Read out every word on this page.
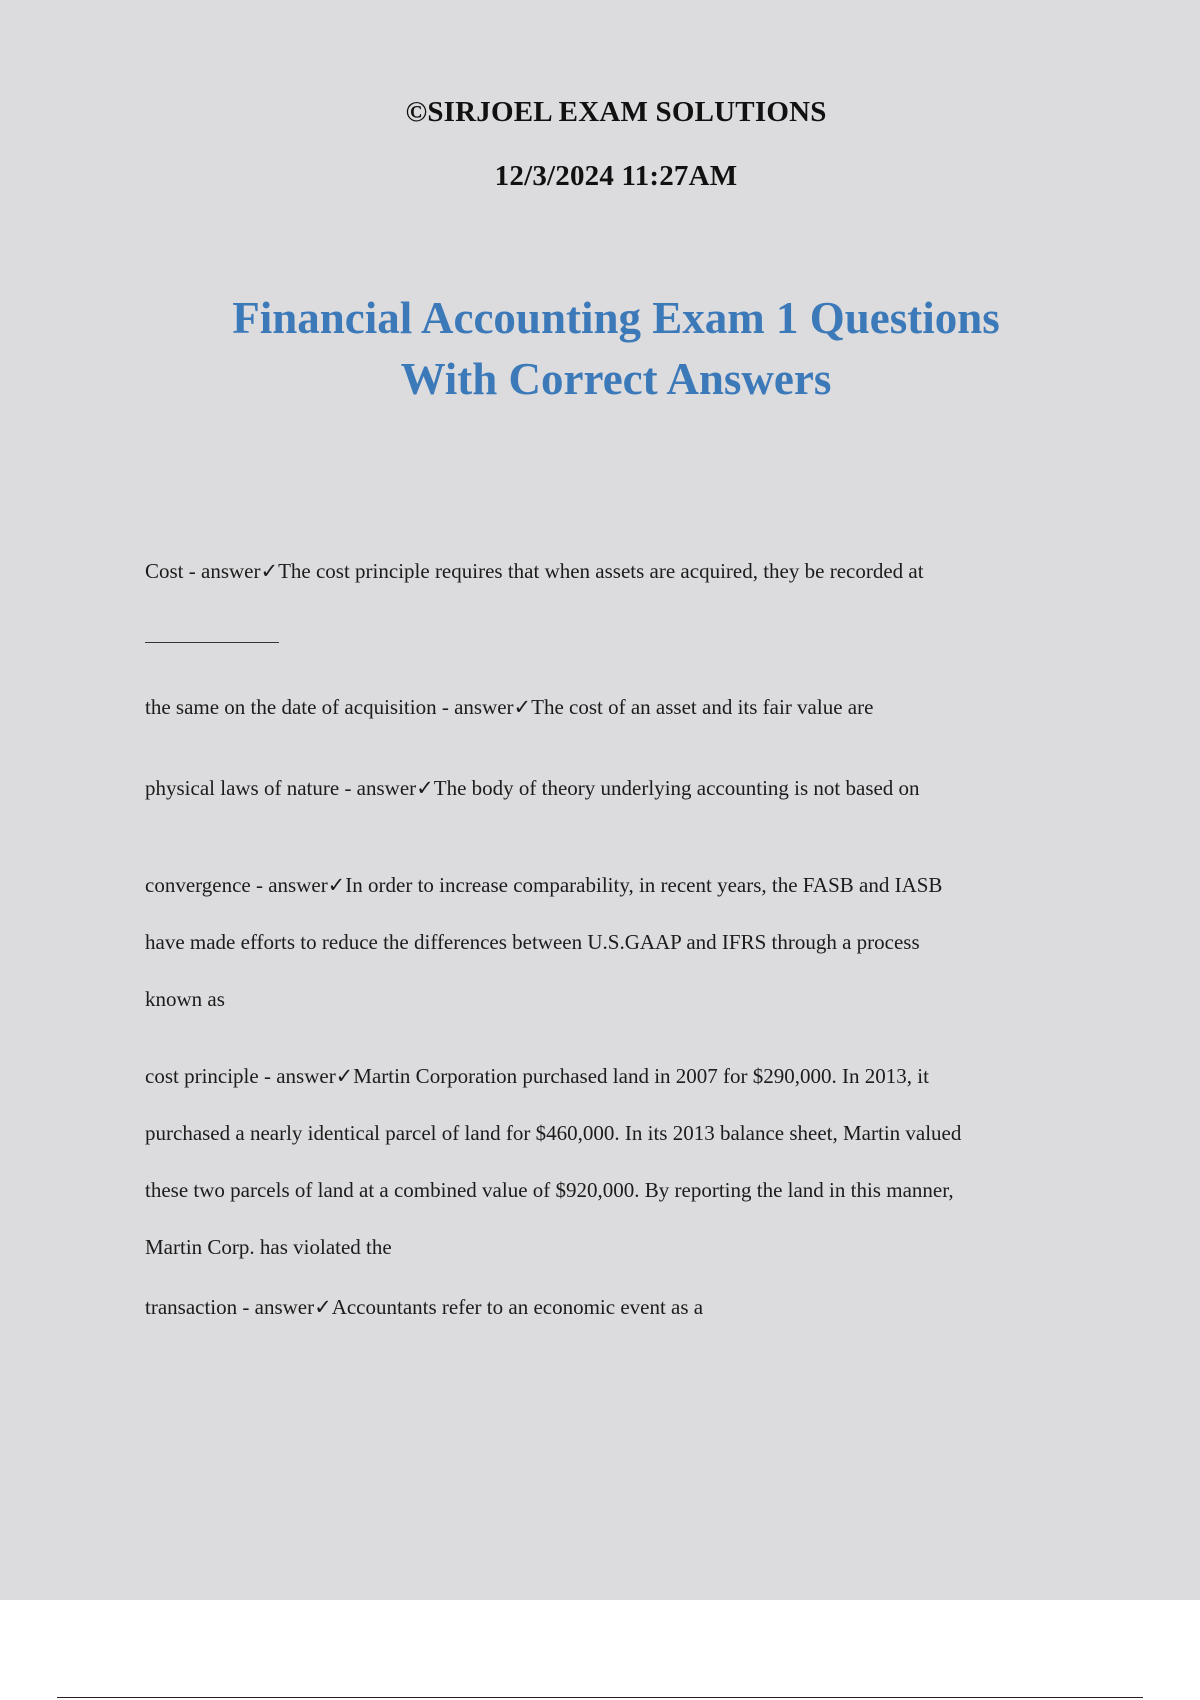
©SIRJOEL EXAM SOLUTIONS
12/3/2024 11:27AM
Financial Accounting Exam 1 Questions
With Correct Answers
Cost - answer✓The cost principle requires that when assets are acquired, they be recorded at
the same on the date of acquisition - answer✓The cost of an asset and its fair value are
physical laws of nature - answer✓The body of theory underlying accounting is not based on
convergence - answer✓In order to increase comparability, in recent years, the FASB and IASB
have made efforts to reduce the differences between U.S.GAAP and IFRS through a process
known as
cost principle - answer✓Martin Corporation purchased land in 2007 for $290,000. In 2013, it
purchased a nearly identical parcel of land for $460,000. In its 2013 balance sheet, Martin valued
these two parcels of land at a combined value of $920,000. By reporting the land in this manner,
Martin Corp. has violated the
transaction - answer✓Accountants refer to an economic event as a
